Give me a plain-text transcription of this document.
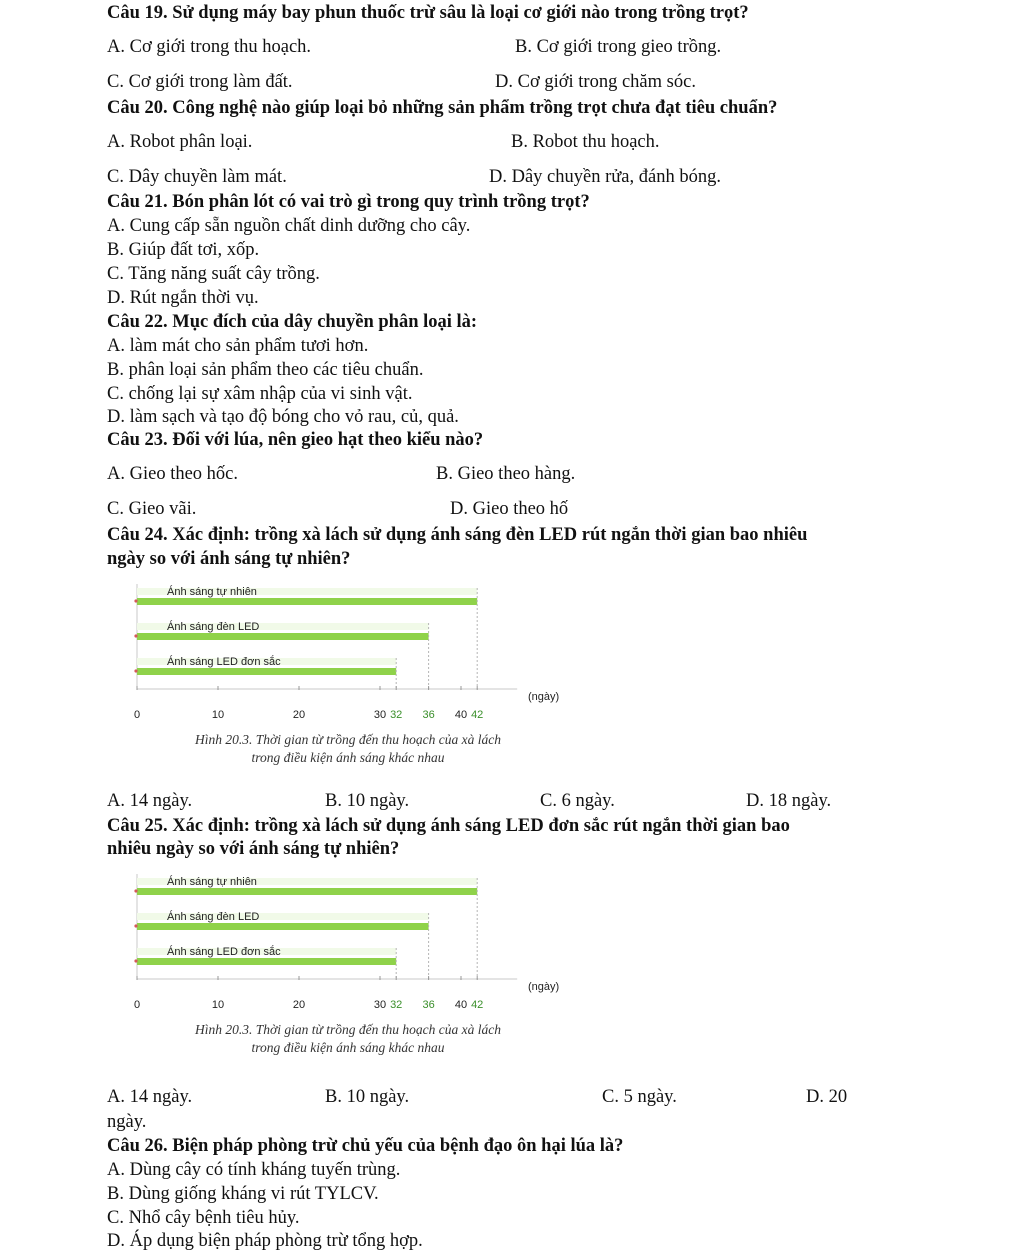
Câu 19. Sử dụng máy bay phun thuốc trừ sâu là loại cơ giới nào trong trồng trọt?
A. Cơ giới trong thu hoạch.	B. Cơ giới trong gieo trồng.
C. Cơ giới trong làm đất.	D. Cơ giới trong chăm sóc.
Câu 20. Công nghệ nào giúp loại bỏ những sản phẩm trồng trọt chưa đạt tiêu chuẩn?
A. Robot phân loại.	B. Robot thu hoạch.
C. Dây chuyền làm mát.	D. Dây chuyền rửa, đánh bóng.
Câu 21. Bón phân lót có vai trò gì trong quy trình trồng trọt?
A. Cung cấp sẵn nguồn chất dinh dưỡng cho cây.
B. Giúp đất tơi, xốp.
C. Tăng năng suất cây trồng.
D. Rút ngắn thời vụ.
Câu 22. Mục đích của dây chuyền phân loại là:
A. làm mát cho sản phẩm tươi hơn.
B. phân loại sản phẩm theo các tiêu chuẩn.
C. chống lại sự xâm nhập của vi sinh vật.
D. làm sạch và tạo độ bóng cho vỏ rau, củ, quả.
Câu 23. Đối với lúa, nên gieo hạt theo kiểu nào?
A. Gieo theo hốc.	B. Gieo theo hàng.
C. Gieo vãi.	D. Gieo theo hố
Câu 24. Xác định: trồng xà lách sử dụng ánh sáng đèn LED rút ngắn thời gian bao nhiêu
ngày so với ánh sáng tự nhiên?
Ánh sáng tự nhiên
Ánh sáng đèn LED
Ánh sáng LED đơn sắc
0	10	20	30 32 36 40 42
(ngày)
Hình 20.3. Thời gian từ trồng đến thu hoạch của xà lách
trong điều kiện ánh sáng khác nhau
A. 14 ngày.	B. 10 ngày.	C. 6 ngày.	D. 18 ngày.
Câu 25. Xác định: trồng xà lách sử dụng ánh sáng LED đơn sắc rút ngắn thời gian bao
nhiêu ngày so với ánh sáng tự nhiên?
Ánh sáng tự nhiên
Ánh sáng đèn LED
Ánh sáng LED đơn sắc
0	10	20	30 32 36 40 42
(ngày)
Hình 20.3. Thời gian từ trồng đến thu hoạch của xà lách
trong điều kiện ánh sáng khác nhau
A. 14 ngày.	B. 10 ngày.	C. 5 ngày.	D. 20
ngày.
Câu 26. Biện pháp phòng trừ chủ yếu của bệnh đạo ôn hại lúa là?
A. Dùng cây có tính kháng tuyến trùng.
B. Dùng giống kháng vi rút TYLCV.
C. Nhổ cây bệnh tiêu hủy.
D. Áp dụng biện pháp phòng trừ tổng hợp.
